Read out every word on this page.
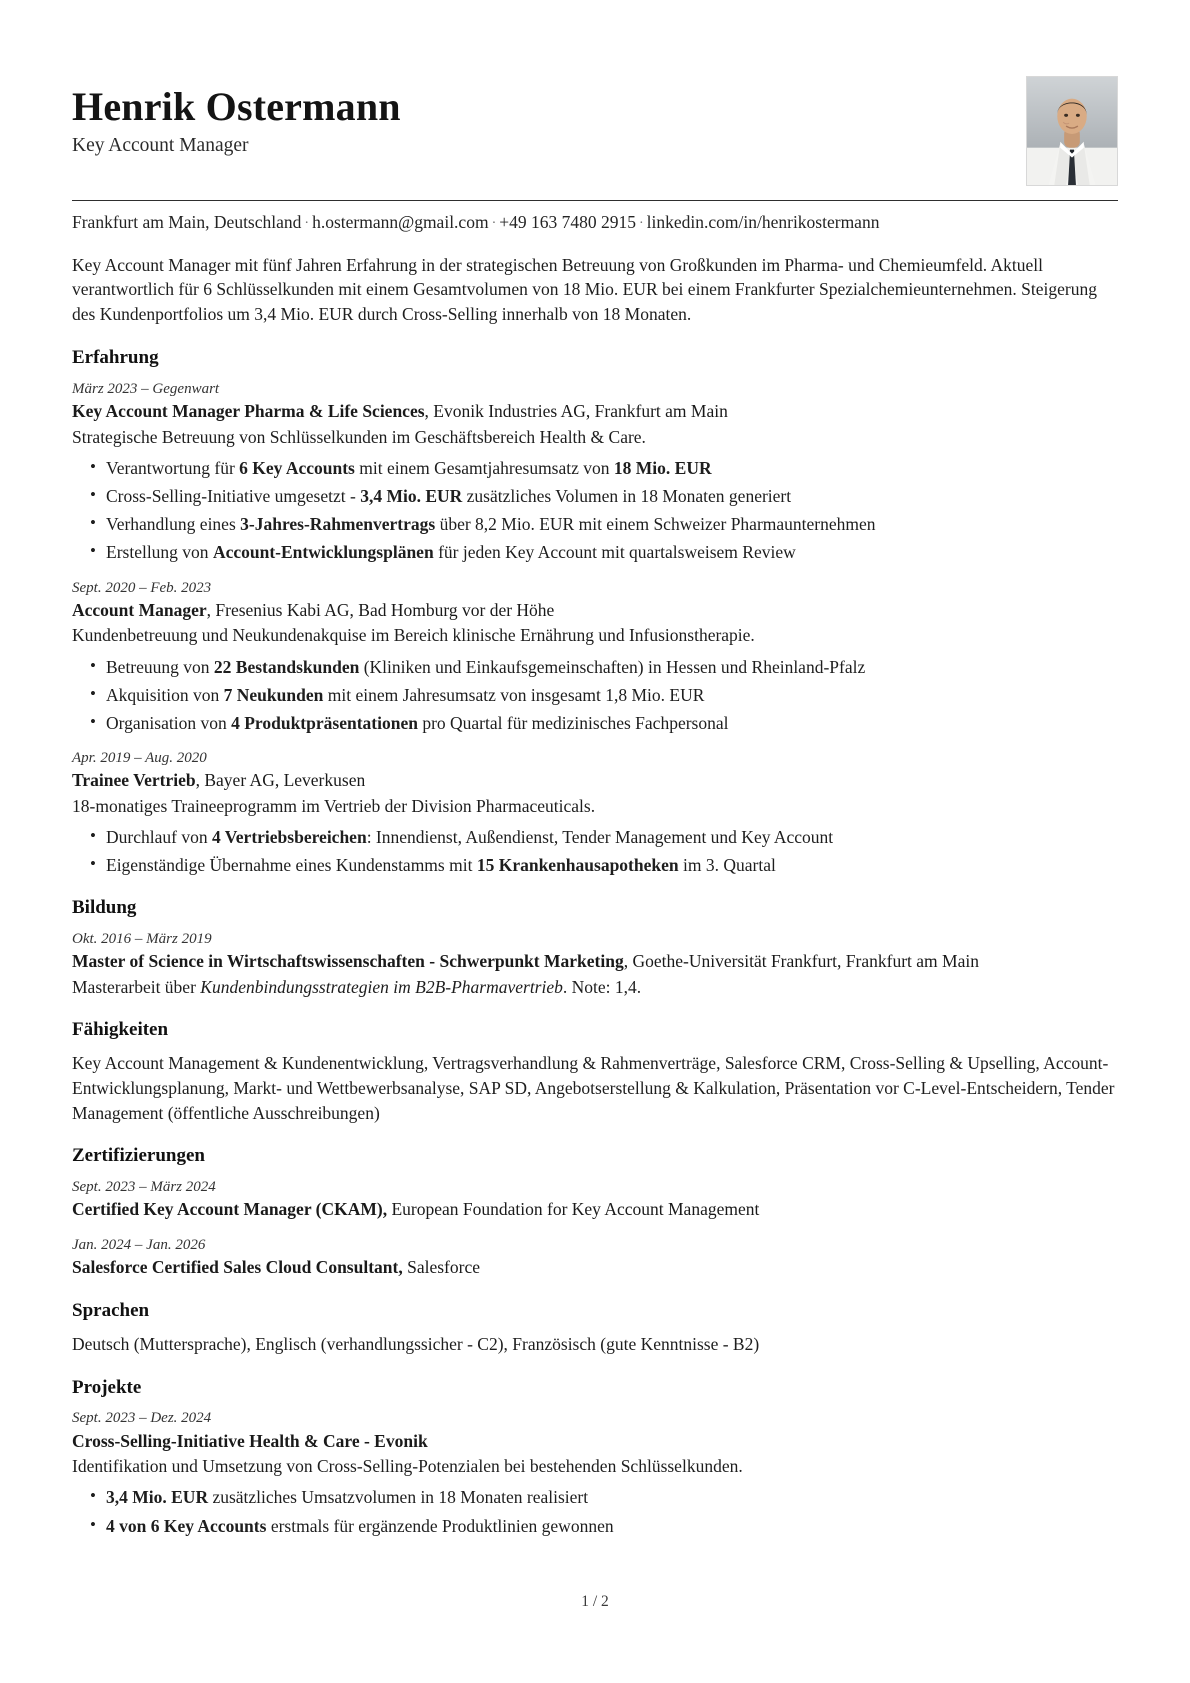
Henrik Ostermann

Key Account Manager

Frankfurt am Main, Deutschland · h.ostermann@gmail.com · +49 163 7480 2915 · linkedin.com/in/henrikostermann
Key Account Manager mit fünf Jahren Erfahrung in der strategischen Betreuung von Großkunden im Pharma- und Chemieumfeld. Aktuell verantwortlich für 6 Schlüsselkunden mit einem Gesamtvolumen von 18 Mio. EUR bei einem Frankfurter Spezialchemieunternehmen. Steigerung des Kundenportfolios um 3,4 Mio. EUR durch Cross-Selling innerhalb von 18 Monaten.
Erfahrung
März 2023 – Gegenwart
Key Account Manager Pharma & Life Sciences, Evonik Industries AG, Frankfurt am Main
Strategische Betreuung von Schlüsselkunden im Geschäftsbereich Health & Care.
• Verantwortung für 6 Key Accounts mit einem Gesamtjahresumsatz von 18 Mio. EUR
• Cross-Selling-Initiative umgesetzt - 3,4 Mio. EUR zusätzliches Volumen in 18 Monaten generiert
• Verhandlung eines 3-Jahres-Rahmenvertrags über 8,2 Mio. EUR mit einem Schweizer Pharmaunternehmen
• Erstellung von Account-Entwicklungsplänen für jeden Key Account mit quartalsweisem Review
Sept. 2020 – Feb. 2023
Account Manager, Fresenius Kabi AG, Bad Homburg vor der Höhe
Kundenbetreuung und Neukundenakquise im Bereich klinische Ernährung und Infusionstherapie.
• Betreuung von 22 Bestandskunden (Kliniken und Einkaufsgemeinschaften) in Hessen und Rheinland-Pfalz
• Akquisition von 7 Neukunden mit einem Jahresumsatz von insgesamt 1,8 Mio. EUR
• Organisation von 4 Produktpräsentationen pro Quartal für medizinisches Fachpersonal
Apr. 2019 – Aug. 2020
Trainee Vertrieb, Bayer AG, Leverkusen
18-monatiges Traineeprogramm im Vertrieb der Division Pharmaceuticals.
• Durchlauf von 4 Vertriebsbereichen: Innendienst, Außendienst, Tender Management und Key Account
• Eigenständige Übernahme eines Kundenstamms mit 15 Krankenhausapotheken im 3. Quartal
Bildung
Okt. 2016 – März 2019
Master of Science in Wirtschaftswissenschaften - Schwerpunkt Marketing, Goethe-Universität Frankfurt, Frankfurt am Main
Masterarbeit über Kundenbindungsstrategien im B2B-Pharmavertrieb. Note: 1,4.
Fähigkeiten
Key Account Management & Kundenentwicklung, Vertragsverhandlung & Rahmenverträge, Salesforce CRM, Cross-Selling & Upselling, Account-Entwicklungsplanung, Markt- und Wettbewerbsanalyse, SAP SD, Angebotserstellung & Kalkulation, Präsentation vor C-Level-Entscheidern, Tender Management (öffentliche Ausschreibungen)
Zertifizierungen
Sept. 2023 – März 2024
Certified Key Account Manager (CKAM), European Foundation for Key Account Management
Jan. 2024 – Jan. 2026
Salesforce Certified Sales Cloud Consultant, Salesforce
Sprachen
Deutsch (Muttersprache), Englisch (verhandlungssicher - C2), Französisch (gute Kenntnisse - B2)
Projekte
Sept. 2023 – Dez. 2024
Cross-Selling-Initiative Health & Care - Evonik
Identifikation und Umsetzung von Cross-Selling-Potenzialen bei bestehenden Schlüsselkunden.
• 3,4 Mio. EUR zusätzliches Umsatzvolumen in 18 Monaten realisiert
• 4 von 6 Key Accounts erstmals für ergänzende Produktlinien gewonnen
1 / 2
